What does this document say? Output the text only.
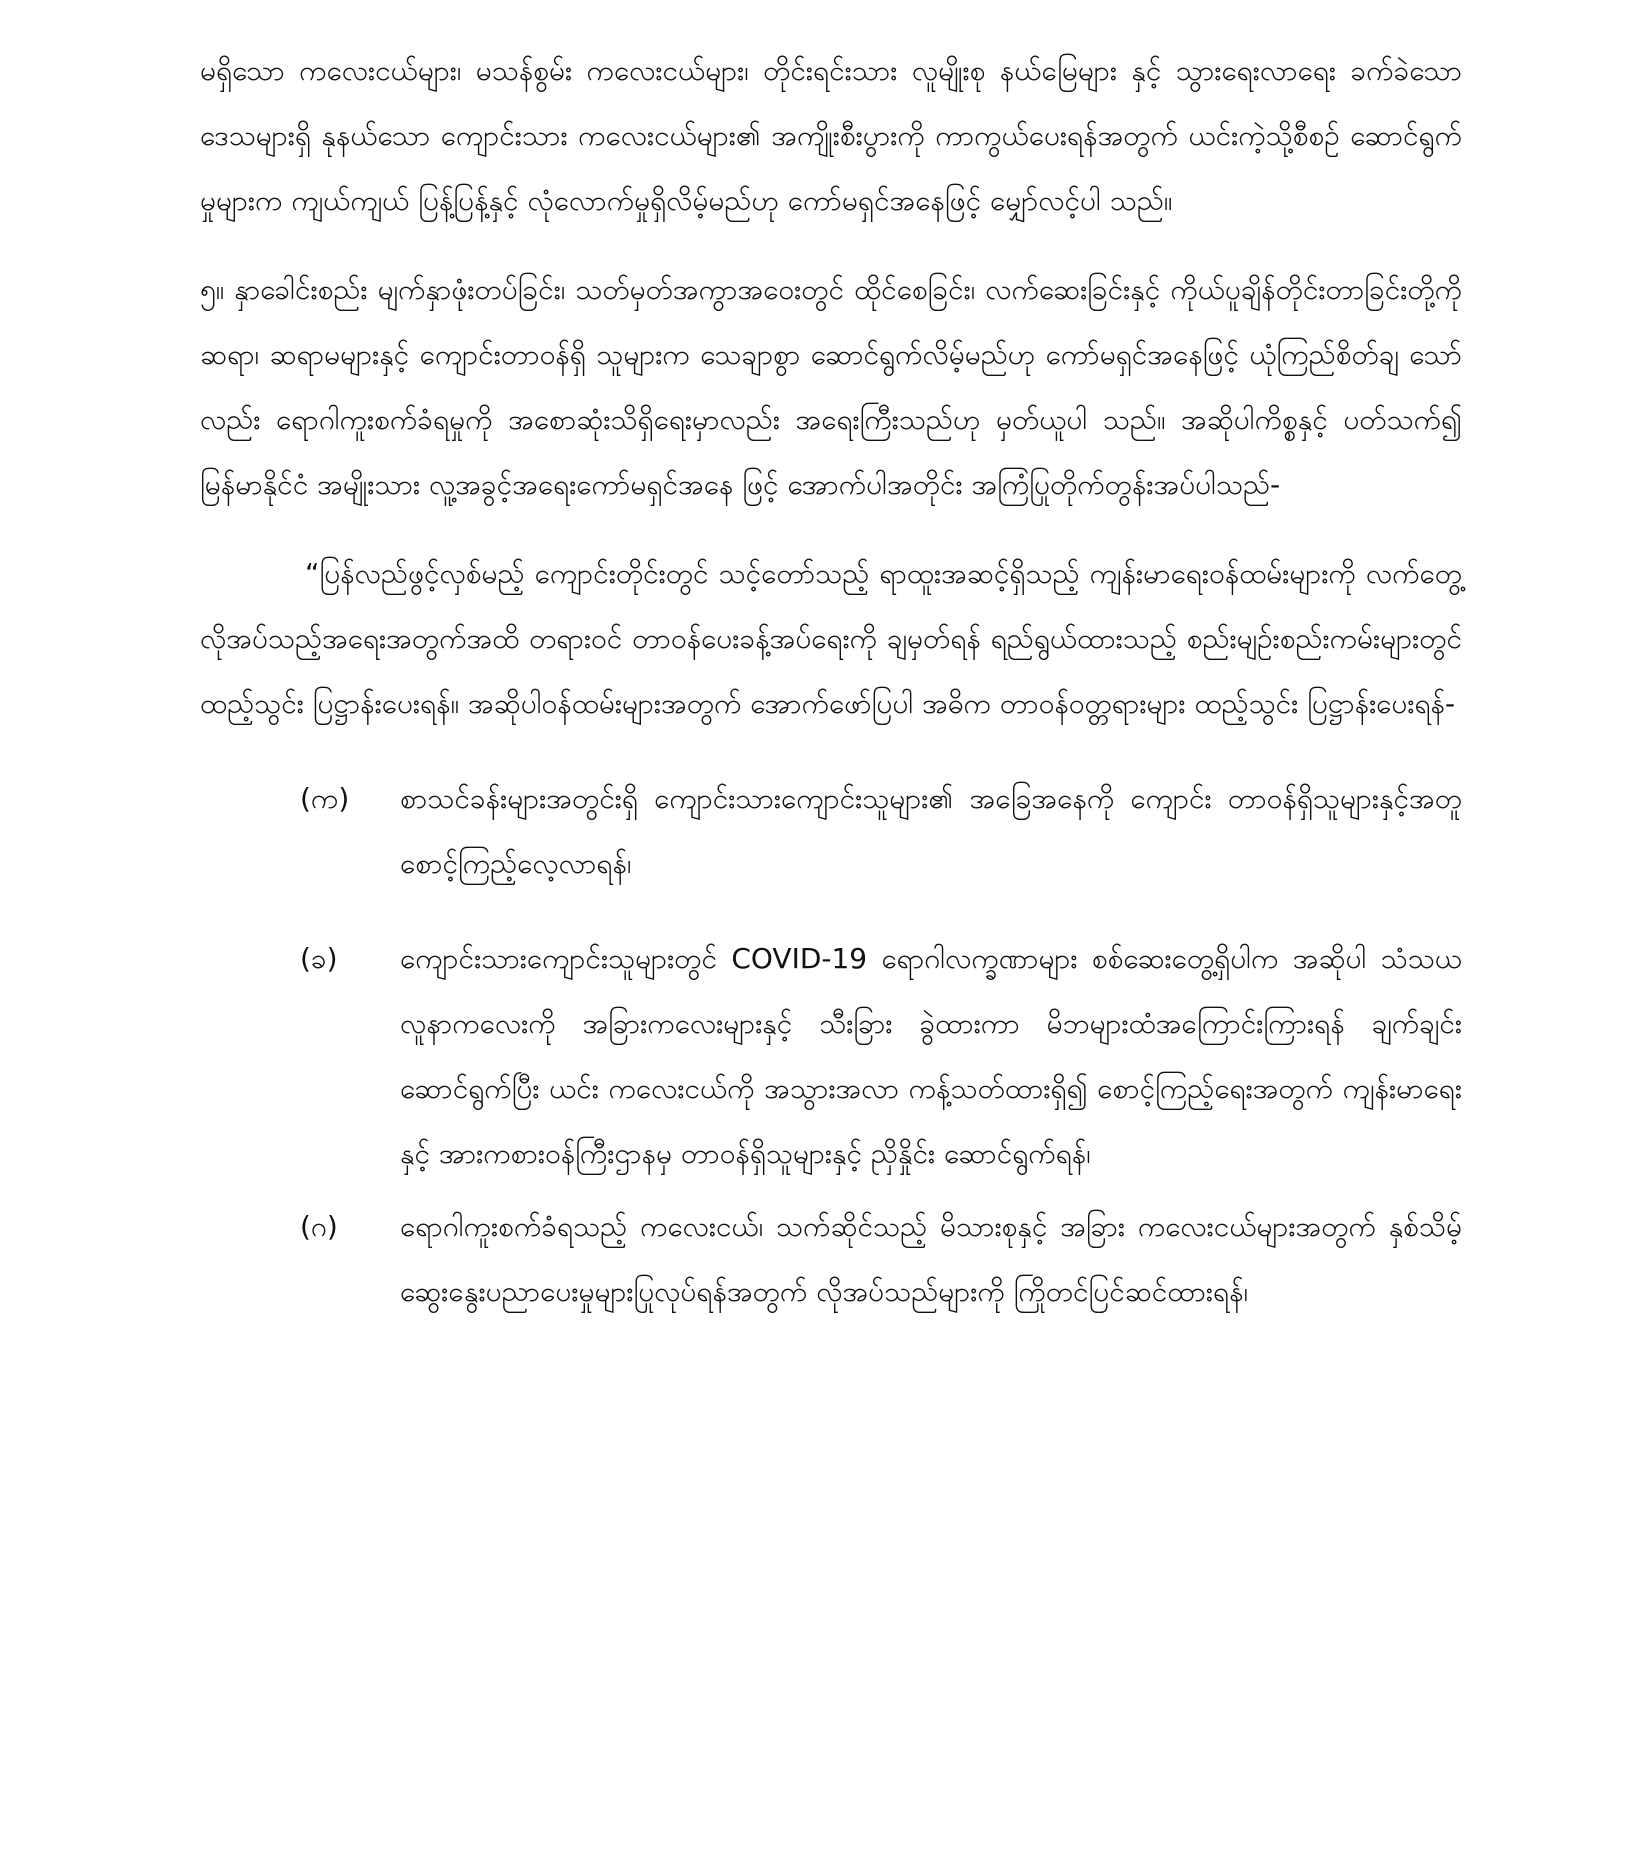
မရှိသော ကလေးငယ်များ၊ မသန်စွမ်း ကလေးငယ်များ၊ တိုင်းရင်းသား လူမျိုးစု နယ်မြေများ နှင့် သွားရေးလာရေး ခက်ခဲသောဒေသများရှိ နုနယ်သော ကျောင်းသား ကလေးငယ်များ၏ အကျိုးစီးပွားကို ကာကွယ်ပေးရန်အတွက် ယင်းကဲ့သို့စီစဉ် ဆောင်ရွက်မှုများက ကျယ်ကျယ် ပြန့်ပြန့်နှင့် လုံလောက်မှုရှိလိမ့်မည်ဟု ကော်မရှင်အနေဖြင့် မျှော်လင့်ပါ သည်။

၅။ နှာခေါင်းစည်း မျက်နှာဖုံးတပ်ခြင်း၊ သတ်မှတ်အကွာအဝေးတွင် ထိုင်စေခြင်း၊ လက်ဆေးခြင်းနှင့် ကိုယ်ပူချိန်တိုင်းတာခြင်းတို့ကို ဆရာ၊ ဆရာမများနှင့် ကျောင်းတာဝန်ရှိ သူများက သေချာစွာ ဆောင်ရွက်လိမ့်မည်ဟု ကော်မရှင်အနေဖြင့် ယုံကြည်စိတ်ချ သော် လည်း ရောဂါကူးစက်ခံရမှုကို အစောဆုံးသိရှိရေးမှာလည်း အရေးကြီးသည်ဟု မှတ်ယူပါ သည်။ အဆိုပါကိစ္စနှင့် ပတ်သက်၍ မြန်မာနိုင်ငံ အမျိုးသား လူ့အခွင့်အရေးကော်မရှင်အနေ ဖြင့် အောက်ပါအတိုင်း အကြံပြုတိုက်တွန်းအပ်ပါသည်-

“ပြန်လည်ဖွင့်လှစ်မည့် ကျောင်းတိုင်းတွင် သင့်တော်သည့် ရာထူးအဆင့်ရှိသည့် ကျန်းမာရေးဝန်ထမ်းများကို လက်တွေ့ လိုအပ်သည့်အရေးအတွက်အထိ တရားဝင် တာဝန်ပေးခန့်အပ်ရေးကို ချမှတ်ရန် ရည်ရွယ်ထားသည့် စည်းမျဉ်းစည်းကမ်းများတွင် ထည့်သွင်း ပြဋ္ဌာန်းပေးရန်။ အဆိုပါဝန်ထမ်းများအတွက် အောက်ဖော်ပြပါ အဓိက တာဝန်ဝတ္တရားများ ထည့်သွင်း ပြဋ္ဌာန်းပေးရန်-

(က)	စာသင်ခန်းများအတွင်းရှိ ကျောင်းသားကျောင်းသူများ၏ အခြေအနေကို ကျောင်း တာဝန်ရှိသူများနှင့်အတူ စောင့်ကြည့်လေ့လာရန်၊
(ခ)	ကျောင်းသားကျောင်းသူများတွင် COVID-19 ရောဂါလက္ခဏာများ စစ်ဆေးတွေ့ရှိပါက အဆိုပါ သံသယ လူနာကလေးကို အခြားကလေးများနှင့် သီးခြား ခွဲထားကာ မိဘများထံအကြောင်းကြားရန် ချက်ချင်းဆောင်ရွက်ပြီး ယင်း ကလေးငယ်ကို အသွားအလာ ကန့်သတ်ထားရှိ၍ စောင့်ကြည့်ရေးအတွက် ကျန်းမာရေးနှင့် အားကစားဝန်ကြီးဌာနမှ တာဝန်ရှိသူများနှင့် ညှိနှိုင်း ဆောင်ရွက်ရန်၊
(ဂ)	ရောဂါကူးစက်ခံရသည့် ကလေးငယ်၊ သက်ဆိုင်သည့် မိသားစုနှင့် အခြား ကလေးငယ်များအတွက် နှစ်သိမ့်ဆွေးနွေးပညာပေးမှုများပြုလုပ်ရန်အတွက် လိုအပ်သည်များကို ကြိုတင်ပြင်ဆင်ထားရန်၊
